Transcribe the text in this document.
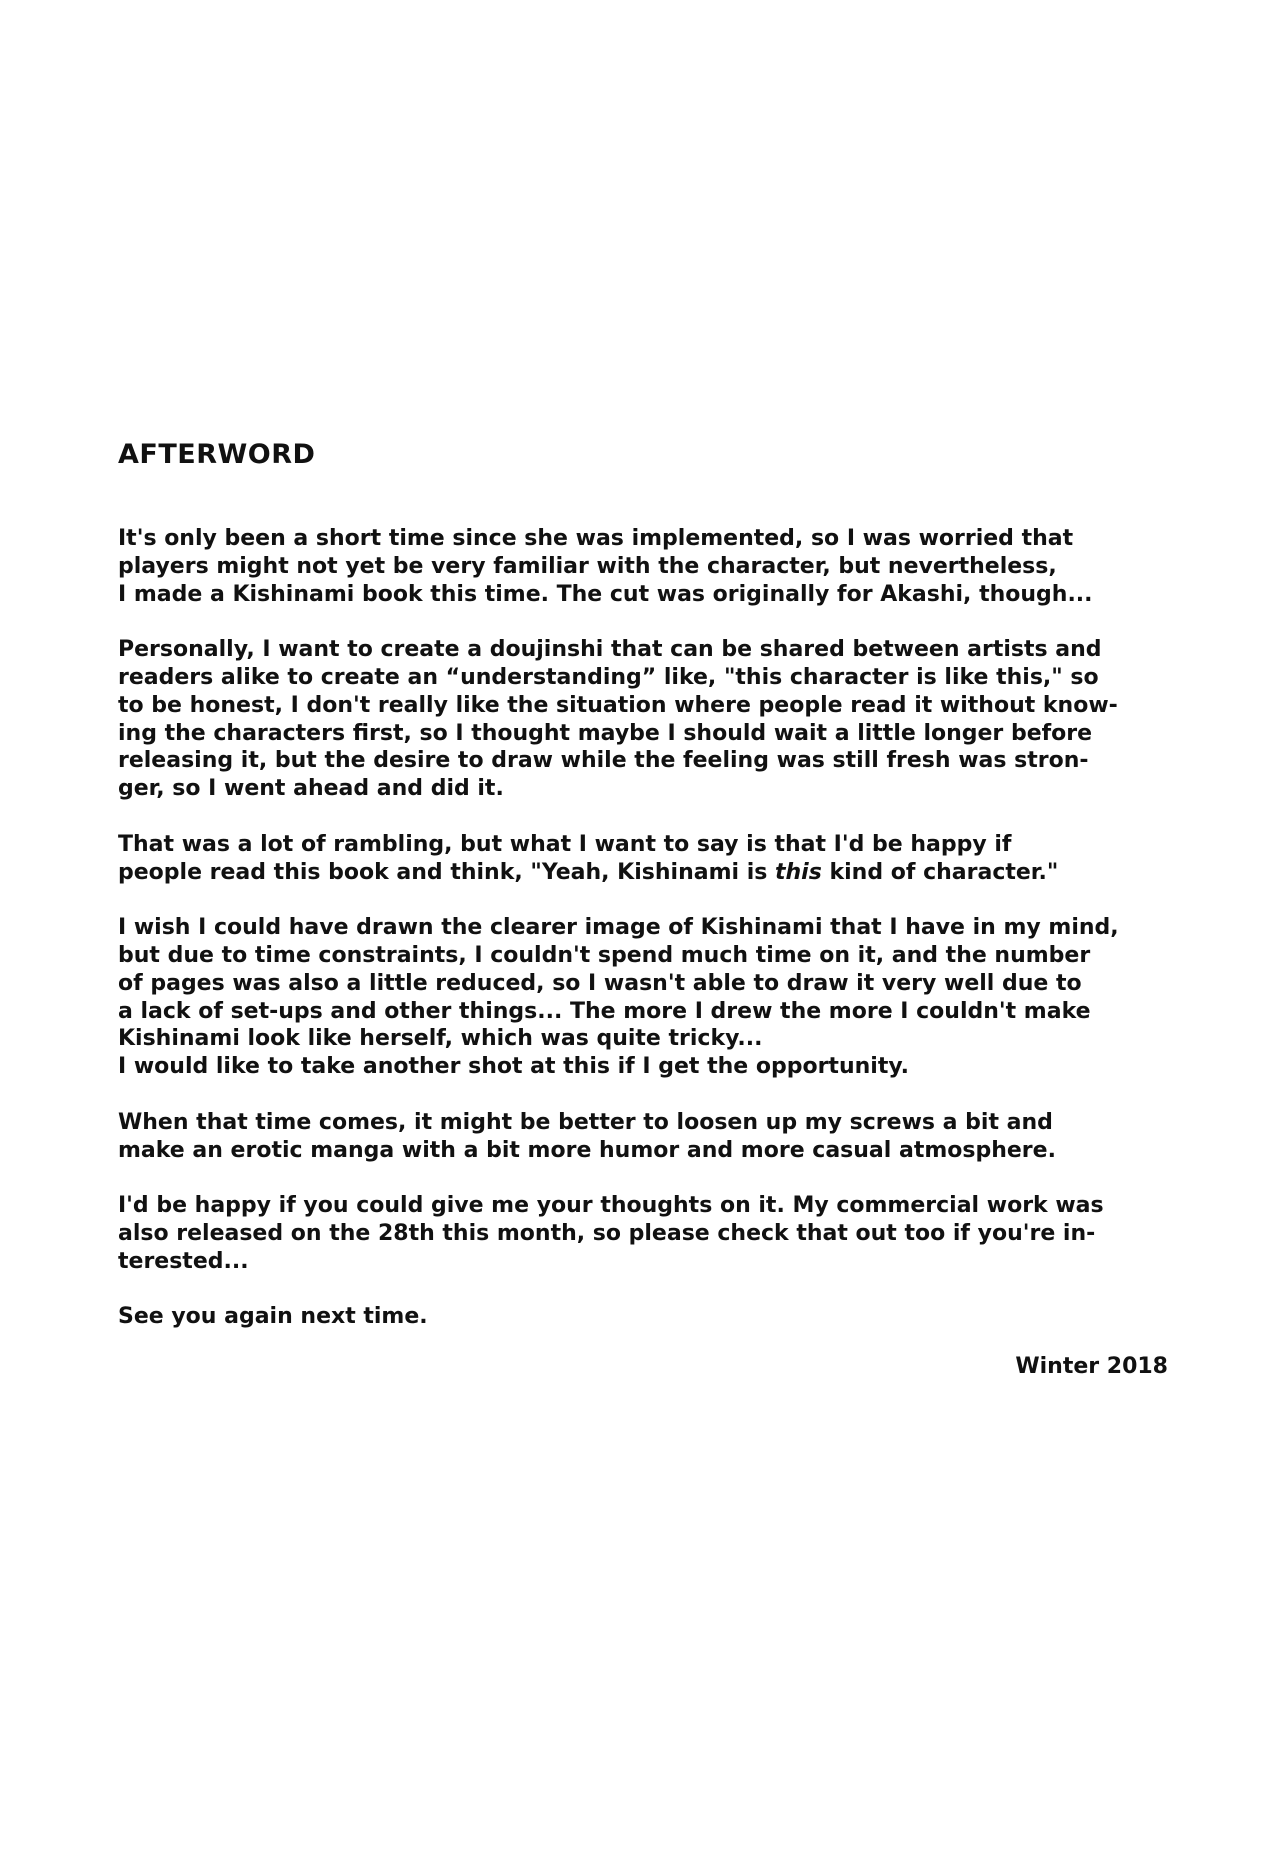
AFTERWORD

It's only been a short time since she was implemented, so I was worried that
players might not yet be very familiar with the character, but nevertheless,
I made a Kishinami book this time. The cut was originally for Akashi, though...

Personally, I want to create a doujinshi that can be shared between artists and
readers alike to create an “understanding” like, "this character is like this," so
to be honest, I don't really like the situation where people read it without know-
ing the characters first, so I thought maybe I should wait a little longer before
releasing it, but the desire to draw while the feeling was still fresh was stron-
ger, so I went ahead and did it.

That was a lot of rambling, but what I want to say is that I'd be happy if
people read this book and think, "Yeah, Kishinami is this kind of character."

I wish I could have drawn the clearer image of Kishinami that I have in my mind,
but due to time constraints, I couldn't spend much time on it, and the number
of pages was also a little reduced, so I wasn't able to draw it very well due to
a lack of set-ups and other things... The more I drew the more I couldn't make
Kishinami look like herself, which was quite tricky...
I would like to take another shot at this if I get the opportunity.

When that time comes, it might be better to loosen up my screws a bit and
make an erotic manga with a bit more humor and more casual atmosphere.

I'd be happy if you could give me your thoughts on it. My commercial work was
also released on the 28th this month, so please check that out too if you're in-
terested...

See you again next time.

Winter 2018
